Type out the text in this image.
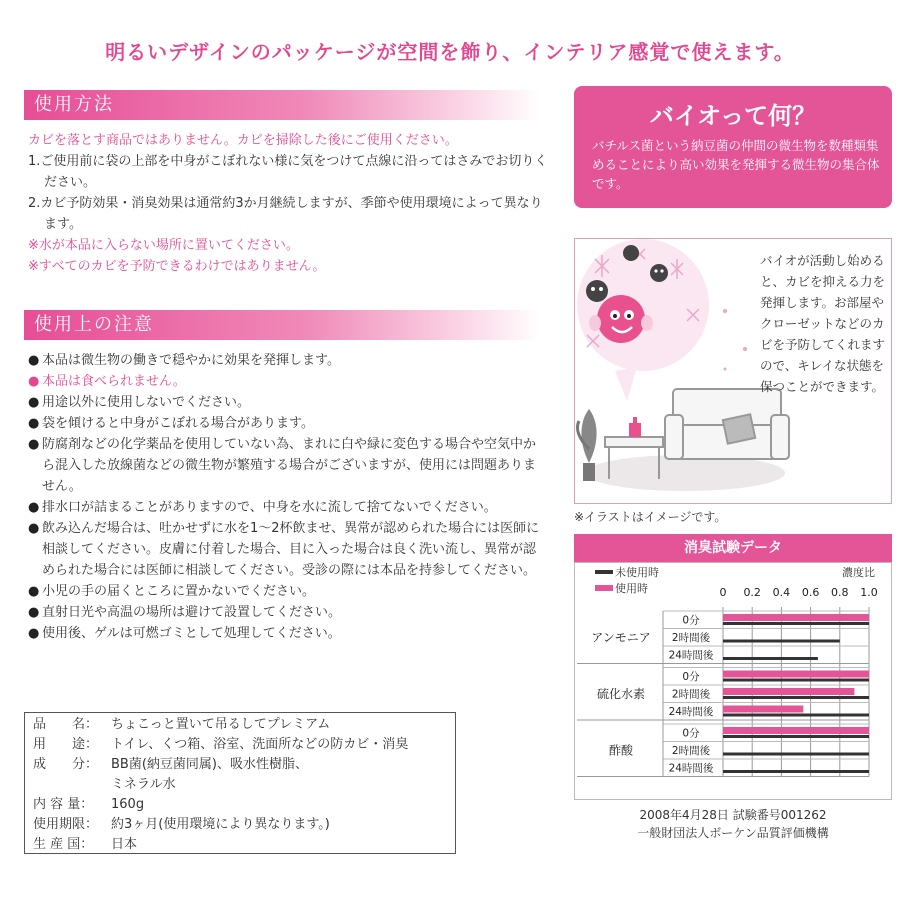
明るいデザインのパッケージが空間を飾り、インテリア感覚で使えます。
使用方法
カビを落とす商品ではありません。カビを掃除した後にご使用ください。
1.ご使用前に袋の上部を中身がこぼれない様に気をつけて点線に沿ってはさみでお切りください。
2.カビ予防効果・消臭効果は通常約3か月継続しますが、季節や使用環境によって異なります。
※水が本品に入らない場所に置いてください。
※すべてのカビを予防できるわけではありません。
使用上の注意
● 本品は微生物の働きで穏やかに効果を発揮します。
● 本品は食べられません。
● 用途以外に使用しないでください。
● 袋を傾けると中身がこぼれる場合があります。
● 防腐剤などの化学薬品を使用していない為、まれに白や緑に変色する場合や空気中から混入した放線菌などの微生物が繁殖する場合がございますが、使用には問題ありません。
● 排水口が詰まることがありますので、中身を水に流して捨てないでください。
● 飲み込んだ場合は、吐かせずに水を1～2杯飲ませ、異常が認められた場合には医師に相談してください。皮膚に付着した場合、目に入った場合は良く洗い流し、異常が認められた場合には医師に相談してください。受診の際には本品を持参してください。
● 小児の手の届くところに置かないでください。
● 直射日光や高温の場所は避けて設置してください。
● 使用後、ゲルは可燃ゴミとして処理してください。
品　　名： ちょこっと置いて吊るしてプレミアム
用　　途： トイレ、くつ箱、浴室、洗面所などの防カビ・消臭
成　　分： BB菌(納豆菌同属)、吸水性樹脂、
ミネラル水
内 容 量：	160g
使用期限： 約3ヶ月(使用環境により異なります。)
生 産 国：	日本
バイオって何？
バチルス菌という納豆菌の仲間の微生物を数種類集めることにより高い効果を発揮する微生物の集合体です。
バイオが活動し始めると、カビを抑える力を発揮します。お部屋やクローゼットなどのカビを予防してくれますので、キレイな状態を保つことができます。
※イラストはイメージです。
消臭試験データ
未使用時
使用時
濃度比
0 0.2 0.4 0.6 0.8 1.0
0分
2時間後
24時間後
アンモニア
0分
2時間後
24時間後
硫化水素
0分
2時間後
24時間後
酢酸
2008年4月28日 試験番号001262
一般財団法人ボーケン品質評価機構
